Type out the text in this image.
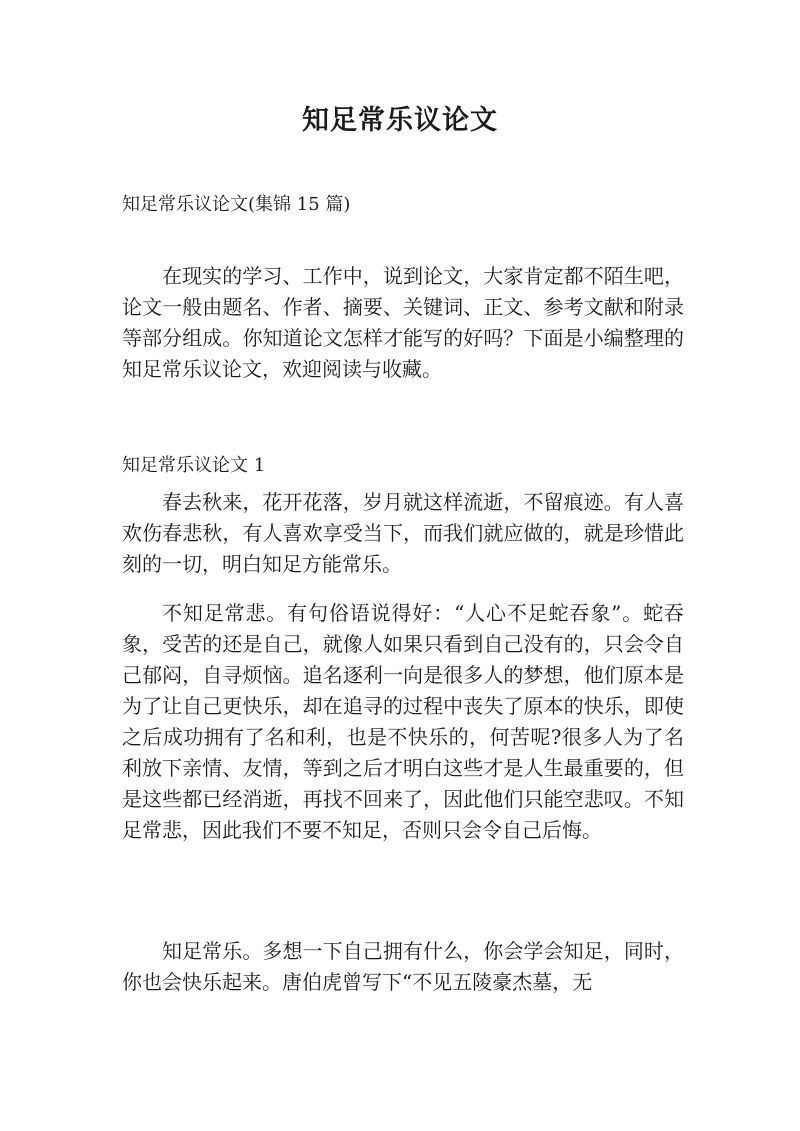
知足常乐议论文

知足常乐议论文(集锦 15 篇)

在现实的学习、工作中，说到论文，大家肯定都不陌生吧，论文一般由题名、作者、摘要、关键词、正文、参考文献和附录等部分组成。你知道论文怎样才能写的好吗？下面是小编整理的知足常乐议论文，欢迎阅读与收藏。

知足常乐议论文 1

春去秋来，花开花落，岁月就这样流逝，不留痕迹。有人喜欢伤春悲秋，有人喜欢享受当下，而我们就应做的，就是珍惜此刻的一切，明白知足方能常乐。

不知足常悲。有句俗语说得好：“人心不足蛇吞象”。蛇吞象，受苦的还是自己，就像人如果只看到自己没有的，只会令自己郁闷，自寻烦恼。追名逐利一向是很多人的梦想，他们原本是为了让自己更快乐，却在追寻的过程中丧失了原本的快乐，即使之后成功拥有了名和利，也是不快乐的，何苦呢?很多人为了名利放下亲情、友情，等到之后才明白这些才是人生最重要的，但是这些都已经消逝，再找不回来了，因此他们只能空悲叹。不知足常悲，因此我们不要不知足，否则只会令自己后悔。

知足常乐。多想一下自己拥有什么，你会学会知足，同时，你也会快乐起来。唐伯虎曾写下“不见五陵豪杰墓，无
